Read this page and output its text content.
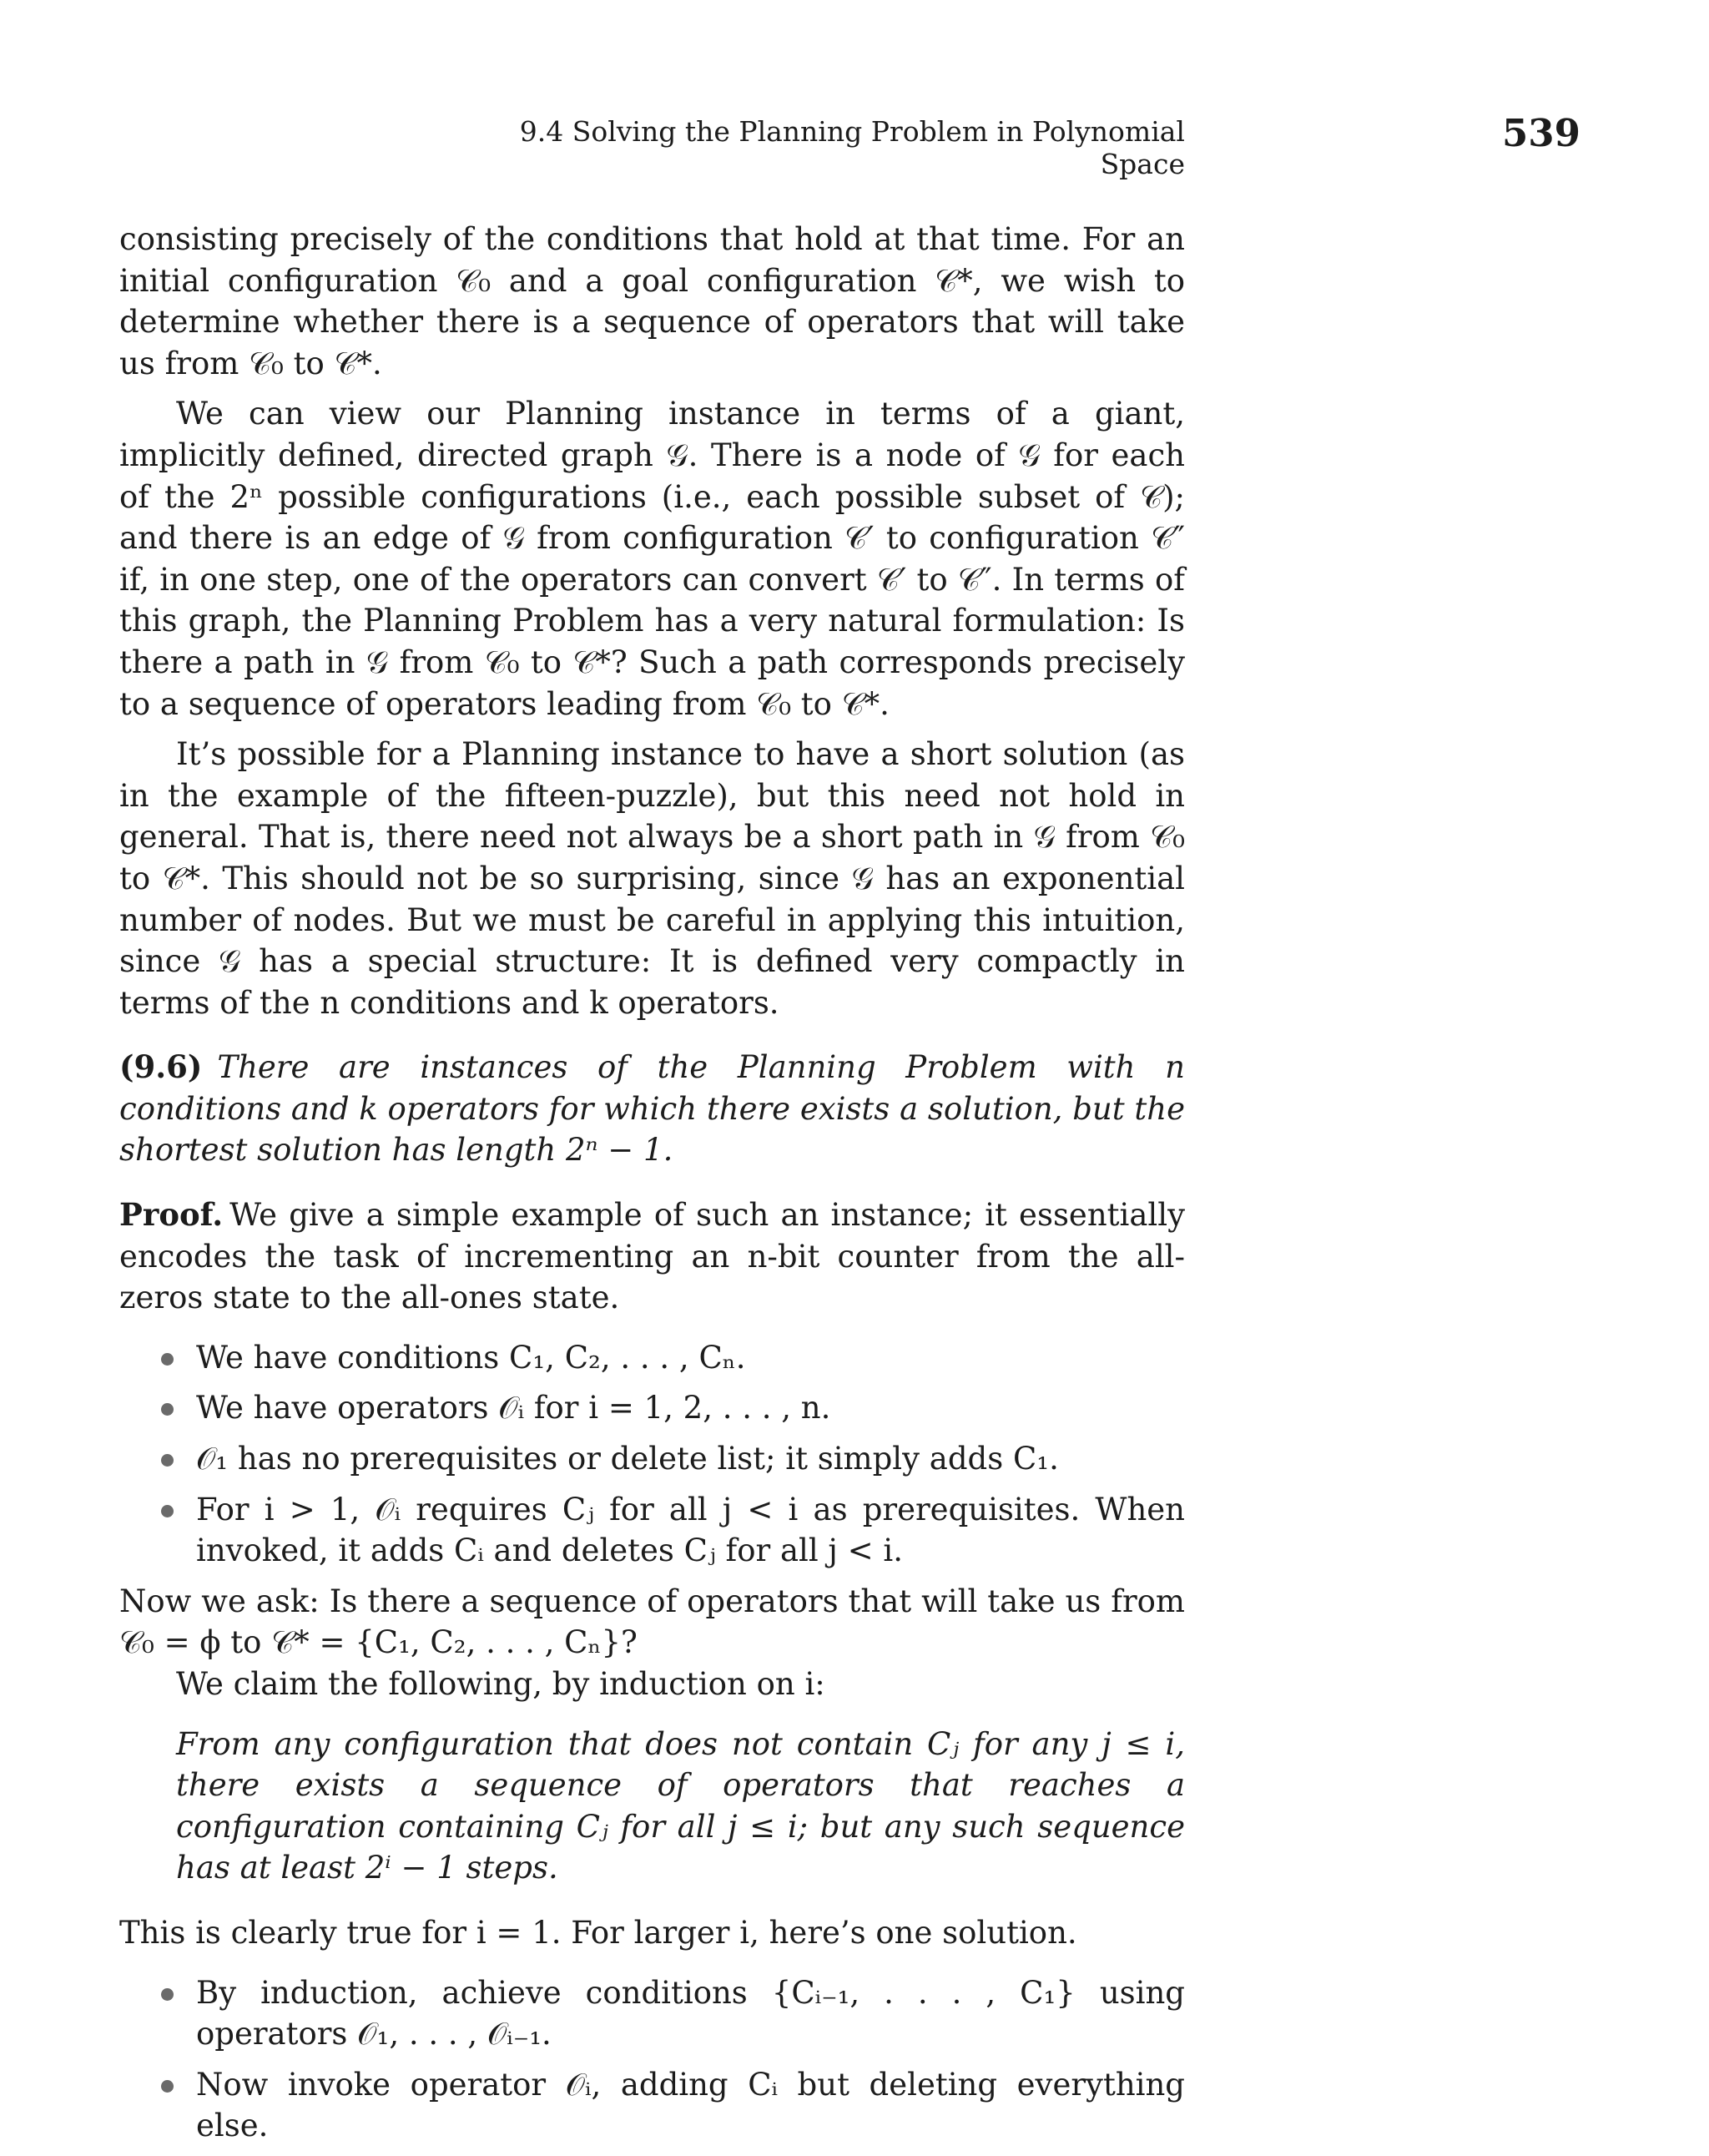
9.4 Solving the Planning Problem in Polynomial Space
539

consisting precisely of the conditions that hold at that time. For an initial configuration 𝒞₀ and a goal configuration 𝒞*, we wish to determine whether there is a sequence of operators that will take us from 𝒞₀ to 𝒞*.

We can view our Planning instance in terms of a giant, implicitly defined, directed graph 𝒢. There is a node of 𝒢 for each of the 2ⁿ possible configurations (i.e., each possible subset of 𝒞); and there is an edge of 𝒢 from configuration 𝒞′ to configuration 𝒞″ if, in one step, one of the operators can convert 𝒞′ to 𝒞″. In terms of this graph, the Planning Problem has a very natural formulation: Is there a path in 𝒢 from 𝒞₀ to 𝒞*? Such a path corresponds precisely to a sequence of operators leading from 𝒞₀ to 𝒞*.

It’s possible for a Planning instance to have a short solution (as in the example of the fifteen-puzzle), but this need not hold in general. That is, there need not always be a short path in 𝒢 from 𝒞₀ to 𝒞*. This should not be so surprising, since 𝒢 has an exponential number of nodes. But we must be careful in applying this intuition, since 𝒢 has a special structure: It is defined very compactly in terms of the n conditions and k operators.

(9.6) There are instances of the Planning Problem with n conditions and k operators for which there exists a solution, but the shortest solution has length 2ⁿ − 1.

Proof. We give a simple example of such an instance; it essentially encodes the task of incrementing an n-bit counter from the all-zeros state to the all-ones state.

We have conditions C₁, C₂, . . . , Cₙ.
We have operators 𝒪ᵢ for i = 1, 2, . . . , n.
𝒪₁ has no prerequisites or delete list; it simply adds C₁.
For i > 1, 𝒪ᵢ requires Cⱼ for all j < i as prerequisites. When invoked, it adds Cᵢ and deletes Cⱼ for all j < i.

Now we ask: Is there a sequence of operators that will take us from 𝒞₀ = ϕ to 𝒞* = {C₁, C₂, . . . , Cₙ}?

We claim the following, by induction on i:

From any configuration that does not contain Cⱼ for any j ≤ i, there exists a sequence of operators that reaches a configuration containing Cⱼ for all j ≤ i; but any such sequence has at least 2ⁱ − 1 steps.

This is clearly true for i = 1. For larger i, here’s one solution.

By induction, achieve conditions {Cᵢ₋₁, . . . , C₁} using operators 𝒪₁, . . . , 𝒪ᵢ₋₁.
Now invoke operator 𝒪ᵢ, adding Cᵢ but deleting everything else.
